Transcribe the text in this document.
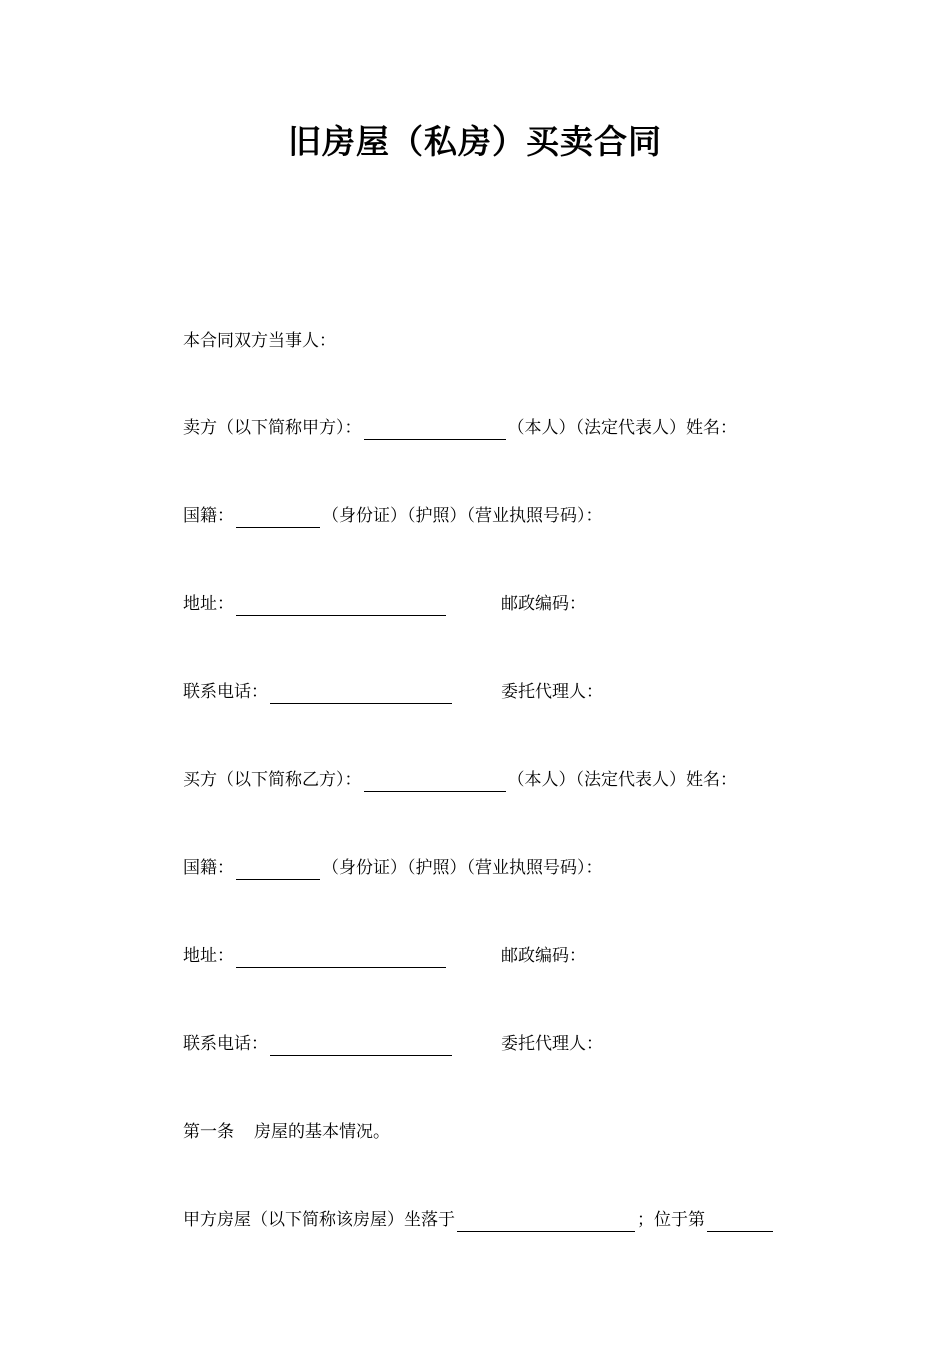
旧房屋（私房）买卖合同
本合同双方当事人：
卖方（以下简称甲方）：	（本人）（法定代表人）姓名：
国籍：	（身份证）（护照）（营业执照号码）：
地址：	邮政编码：
联系电话：	委托代理人：
买方（以下简称乙方）：	（本人）（法定代表人）姓名：
国籍：	（身份证）（护照）（营业执照号码）：
地址：	邮政编码：
联系电话：	委托代理人：
第一条 房屋的基本情况。
甲方房屋（以下简称该房屋）坐落于	；位于第
